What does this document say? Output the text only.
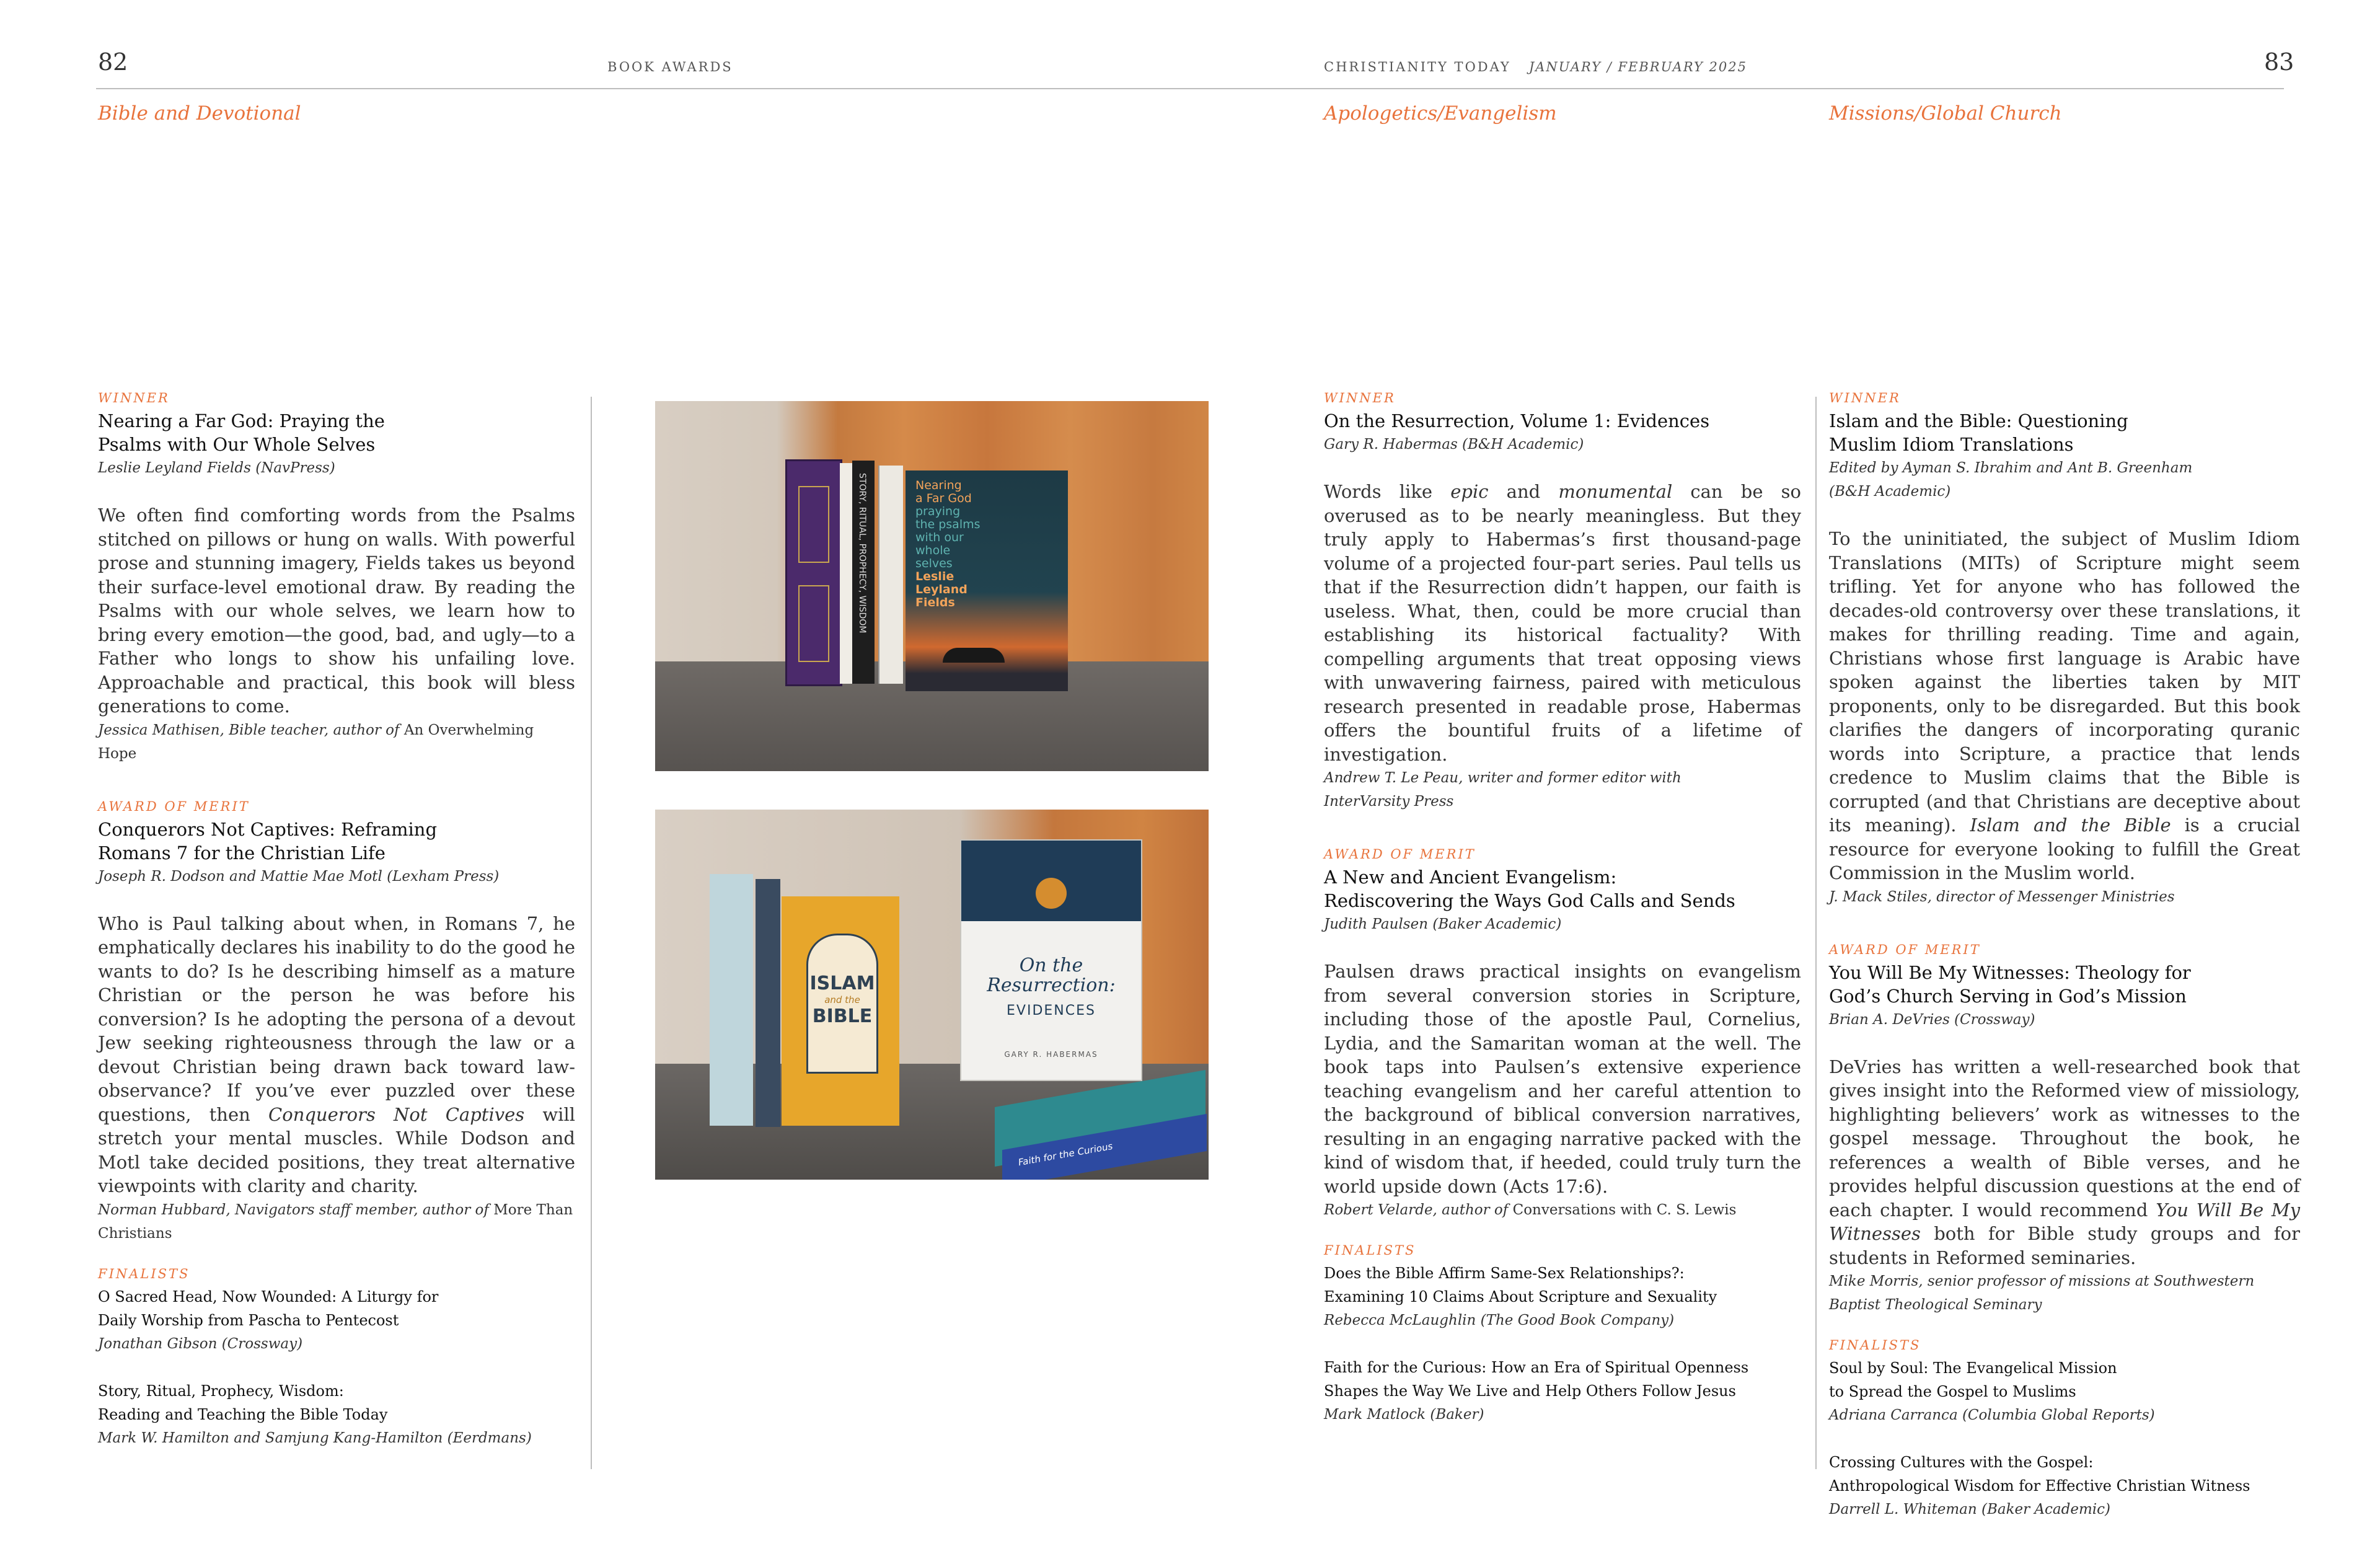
82	BOOK AWARDS	CHRISTIANITY TODAY JANUARY / FEBRUARY 2025	83
Bible and Devotional	Apologetics/Evangelism	Missions/Global Church

WINNER

Nearing a Far God: Praying the
Psalms with Our Whole Selves

Leslie Leyland Fields (NavPress)

We often find comforting words from the Psalms stitched on pillows or hung on walls. With powerful prose and stunning imagery, Fields takes us beyond their surface-level emotional draw. By reading the Psalms with our whole selves, we learn how to bring every emotion—the good, bad, and ugly—to a Father who longs to show his unfailing love. Approachable and practical, this book will bless generations to come.

Jessica Mathisen, Bible teacher, author of An Overwhelming Hope

AWARD OF MERIT

Conquerors Not Captives: Reframing
Romans 7 for the Christian Life

Joseph R. Dodson and Mattie Mae Motl (Lexham Press)

Who is Paul talking about when, in Romans 7, he emphatically declares his inability to do the good he wants to do? Is he describing himself as a mature Christian or the person he was before his conversion? Is he adopting the persona of a devout Jew seeking righteousness through the law or a devout Christian being drawn back toward law-observance? If you’ve ever puzzled over these questions, then Conquerors Not Captives will stretch your mental muscles. While Dodson and Motl take decided positions, they treat alternative viewpoints with clarity and charity.

Norman Hubbard, Navigators staff member, author of More Than Christians

FINALISTS

O Sacred Head, Now Wounded: A Liturgy for
Daily Worship from Pascha to Pentecost

Jonathan Gibson (Crossway)

Story, Ritual, Prophecy, Wisdom:
Reading and Teaching the Bible Today

Mark W. Hamilton and Samjung Kang-Hamilton (Eerdmans)

STORY, RITUAL, PROPHECY, WISDOM	Nearing
a Far God
praying
the psalms
with our
whole
selves
Leslie
Leyland
Fields
ISLAM
and the
BIBLE
On the
Resurrection:
EVIDENCES
GARY R. HABERMAS
Faith for the Curious

WINNER

On the Resurrection, Volume 1: Evidences

Gary R. Habermas (B&H Academic)

Words like epic and monumental can be so overused as to be nearly meaningless. But they truly apply to Habermas’s first thousand-page volume of a projected four-part series. Paul tells us that if the Resurrection didn’t happen, our faith is useless. What, then, could be more crucial than establishing its historical factuality? With compelling arguments that treat opposing views with unwavering fairness, paired with meticulous research presented in readable prose, Habermas offers the bountiful fruits of a lifetime of investigation.

Andrew T. Le Peau, writer and former editor with
InterVarsity Press

AWARD OF MERIT

A New and Ancient Evangelism:
Rediscovering the Ways God Calls and Sends

Judith Paulsen (Baker Academic)

Paulsen draws practical insights on evangelism from several conversion stories in Scripture, including those of the apostle Paul, Cornelius, Lydia, and the Samaritan woman at the well. The book taps into Paulsen’s extensive experience teaching evangelism and her careful attention to the background of biblical conversion narratives, resulting in an engaging narrative packed with the kind of wisdom that, if heeded, could truly turn the world upside down (Acts 17:6).

Robert Velarde, author of Conversations with C. S. Lewis

FINALISTS

Does the Bible Affirm Same-Sex Relationships?:
Examining 10 Claims About Scripture and Sexuality

Rebecca McLaughlin (The Good Book Company)

Faith for the Curious: How an Era of Spiritual Openness
Shapes the Way We Live and Help Others Follow Jesus

Mark Matlock (Baker)

WINNER

Islam and the Bible: Questioning
Muslim Idiom Translations

Edited by Ayman S. Ibrahim and Ant B. Greenham
(B&H Academic)

To the uninitiated, the subject of Muslim Idiom Translations (MITs) of Scripture might seem trifling. Yet for anyone who has followed the decades-old controversy over these translations, it makes for thrilling reading. Time and again, Christians whose first language is Arabic have spoken against the liberties taken by MIT proponents, only to be disregarded. But this book clarifies the dangers of incorporating quranic words into Scripture, a practice that lends credence to Muslim claims that the Bible is corrupted (and that Christians are deceptive about its meaning). Islam and the Bible is a crucial resource for everyone looking to fulfill the Great Commission in the Muslim world.

J. Mack Stiles, director of Messenger Ministries

AWARD OF MERIT

You Will Be My Witnesses: Theology for
God’s Church Serving in God’s Mission

Brian A. DeVries (Crossway)

DeVries has written a well-researched book that gives insight into the Reformed view of missiology, highlighting believers’ work as witnesses to the gospel message. Throughout the book, he references a wealth of Bible verses, and he provides helpful discussion questions at the end of each chapter. I would recommend You Will Be My Witnesses both for Bible study groups and for students in Reformed seminaries.

Mike Morris, senior professor of missions at Southwestern
Baptist Theological Seminary

FINALISTS

Soul by Soul: The Evangelical Mission
to Spread the Gospel to Muslims

Adriana Carranca (Columbia Global Reports)

Crossing Cultures with the Gospel:
Anthropological Wisdom for Effective Christian Witness

Darrell L. Whiteman (Baker Academic)
